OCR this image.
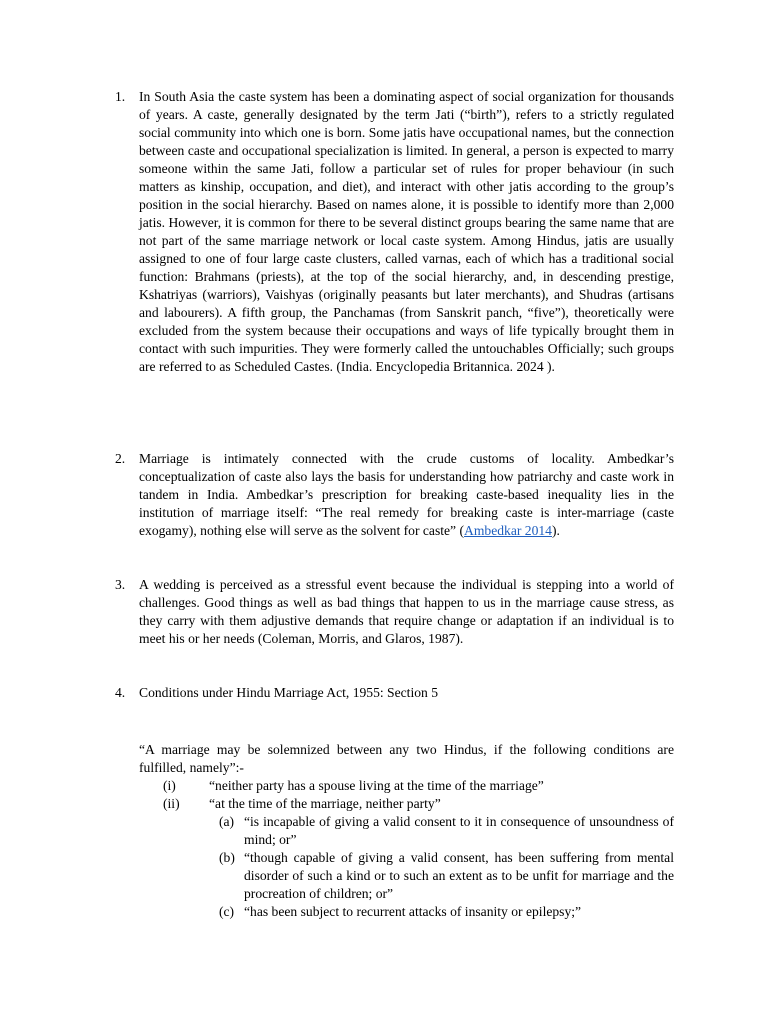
1. In South Asia the caste system has been a dominating aspect of social organization for thousands of years. A caste, generally designated by the term Jati (“birth”), refers to a strictly regulated social community into which one is born. Some jatis have occupational names, but the connection between caste and occupational specialization is limited. In general, a person is expected to marry someone within the same Jati, follow a particular set of rules for proper behaviour (in such matters as kinship, occupation, and diet), and interact with other jatis according to the group’s position in the social hierarchy. Based on names alone, it is possible to identify more than 2,000 jatis. However, it is common for there to be several distinct groups bearing the same name that are not part of the same marriage network or local caste system. Among Hindus, jatis are usually assigned to one of four large caste clusters, called varnas, each of which has a traditional social function: Brahmans (priests), at the top of the social hierarchy, and, in descending prestige, Kshatriyas (warriors), Vaishyas (originally peasants but later merchants), and Shudras (artisans and labourers). A fifth group, the Panchamas (from Sanskrit panch, “five”), theoretically were excluded from the system because their occupations and ways of life typically brought them in contact with such impurities. They were formerly called the untouchables Officially; such groups are referred to as Scheduled Castes. (India. Encyclopedia Britannica. 2024 ).

2. Marriage is intimately connected with the crude customs of locality. Ambedkar’s conceptualization of caste also lays the basis for understanding how patriarchy and caste work in tandem in India. Ambedkar’s prescription for breaking caste-based inequality lies in the institution of marriage itself: “The real remedy for breaking caste is inter-marriage (caste exogamy), nothing else will serve as the solvent for caste” (Ambedkar 2014).

3. A wedding is perceived as a stressful event because the individual is stepping into a world of challenges. Good things as well as bad things that happen to us in the marriage cause stress, as they carry with them adjustive demands that require change or adaptation if an individual is to meet his or her needs (Coleman, Morris, and Glaros, 1987).

4. Conditions under Hindu Marriage Act, 1955: Section 5

“A marriage may be solemnized between any two Hindus, if the following conditions are fulfilled, namely”:-

(i) “neither party has a spouse living at the time of the marriage”
(ii) “at the time of the marriage, neither party”
(a) “is incapable of giving a valid consent to it in consequence of unsoundness of mind; or”
(b) “though capable of giving a valid consent, has been suffering from mental disorder of such a kind or to such an extent as to be unfit for marriage and the procreation of children; or”
(c) “has been subject to recurrent attacks of insanity or epilepsy;”
